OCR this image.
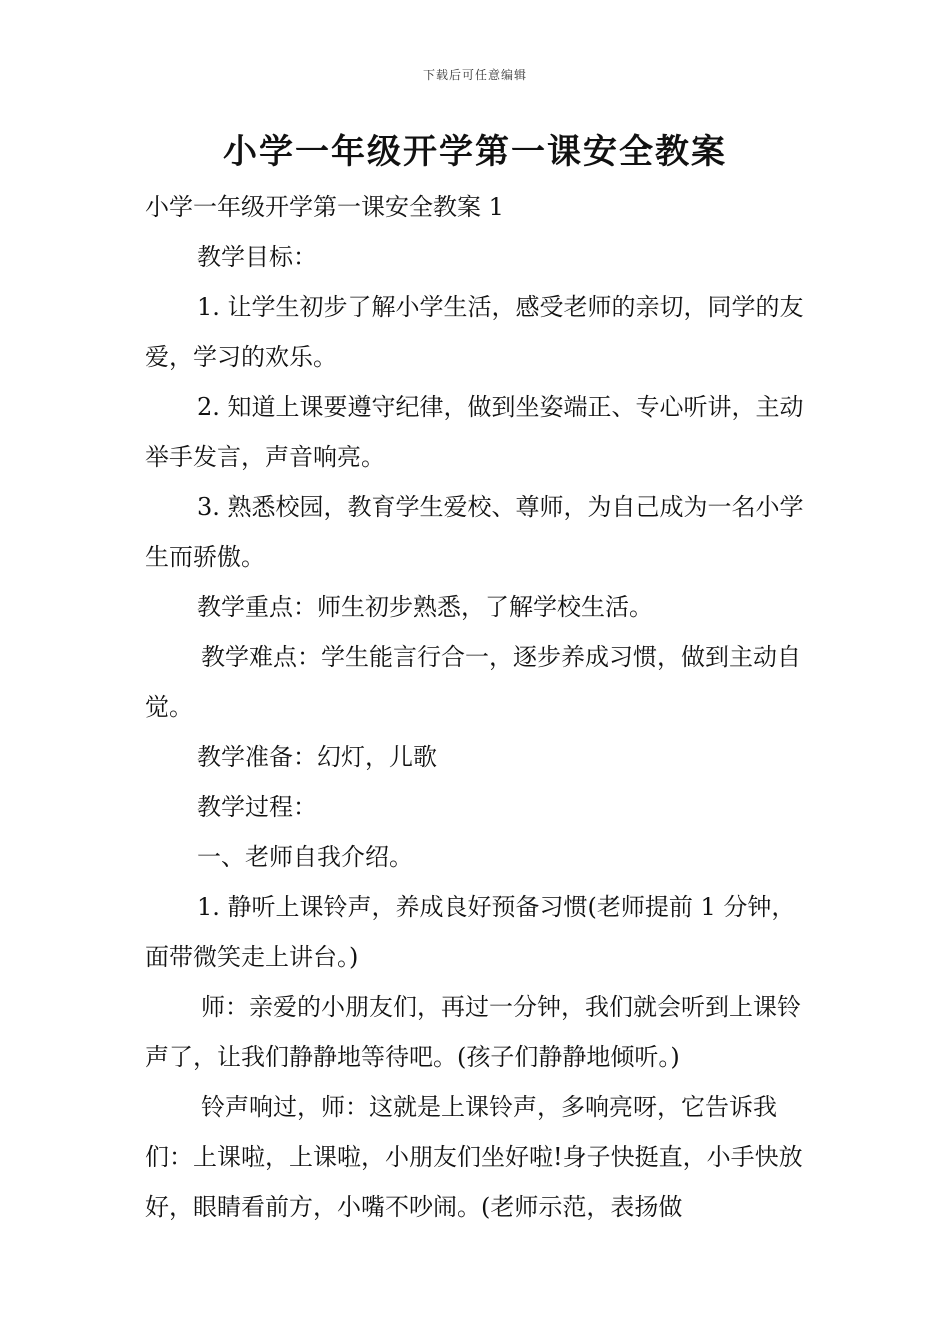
下载后可任意编辑
小学一年级开学第一课安全教案

小学一年级开学第一课安全教案 1

教学目标：

1. 让学生初步了解小学生活，感受老师的亲切，同学的友爱，学习的欢乐。

2. 知道上课要遵守纪律，做到坐姿端正、专心听讲，主动举手发言，声音响亮。

3. 熟悉校园，教育学生爱校、尊师，为自己成为一名小学生而骄傲。

教学重点：师生初步熟悉，了解学校生活。

教学难点：学生能言行合一，逐步养成习惯，做到主动自觉。

教学准备：幻灯，儿歌

教学过程：

一、老师自我介绍。

1. 静听上课铃声，养成良好预备习惯(老师提前 1 分钟，面带微笑走上讲台。)

师：亲爱的小朋友们，再过一分钟，我们就会听到上课铃声了，让我们静静地等待吧。(孩子们静静地倾听。)

铃声响过，师：这就是上课铃声，多响亮呀，它告诉我们：上课啦，上课啦，小朋友们坐好啦!身子快挺直，小手快放好，眼睛看前方，小嘴不吵闹。(老师示范，表扬做
